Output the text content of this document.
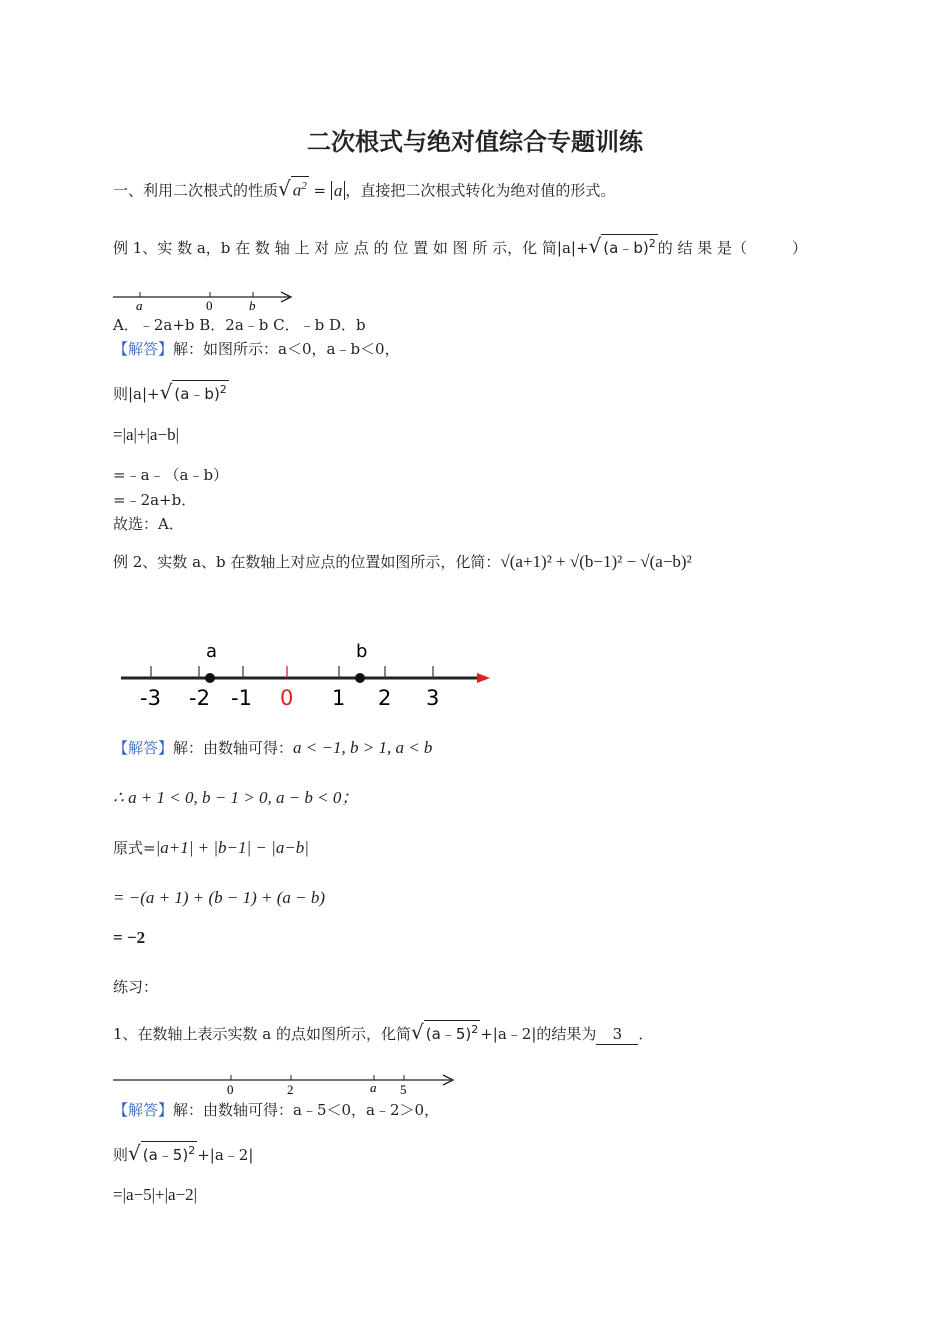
二次根式与绝对值综合专题训练
一、利用二次根式的性质√ $a^2 = a$ ，直接把二次根式转化为绝对值的形式。
例 1、实 数 a，b 在 数 轴 上 对 应 点 的 位 置 如 图 所 示，化 简|a|+√ (a﹣b)$^2$ 的 结 果 是（　　　）
a	0	b
A．﹣2a+b B．2a﹣b C．﹣b D．b
【解答】解：如图所示：a＜0，a﹣b＜0，
则|a|+√ (a﹣b)$^2$
=|a|+|a−b|
=﹣a﹣（a﹣b）
=﹣2a+b．
故选：A．
例 2、实数 a、b 在数轴上对应点的位置如图所示，化简：√(a+1)² + √(b−1)² − √(a−b)²
a	b
-3 -2 -1 0 1 2 3
【解答】解：由数轴可得：a < −1, b > 1, a < b
∴ a + 1 < 0, b − 1 > 0, a − b < 0；
原式=|a+1| + |b−1| − |a−b|
= −(a + 1) + (b − 1) + (a − b)
= −2
练习：
1、在数轴上表示实数 a 的点如图所示，化简√ (a﹣5)$^2$ +|a﹣2|的结果为 3 ．
0	2	a 5
【解答】解：由数轴可得：a﹣5＜0，a﹣2＞0，
则√ (a﹣5)$^2$ +|a﹣2|
=|a−5|+|a−2|
